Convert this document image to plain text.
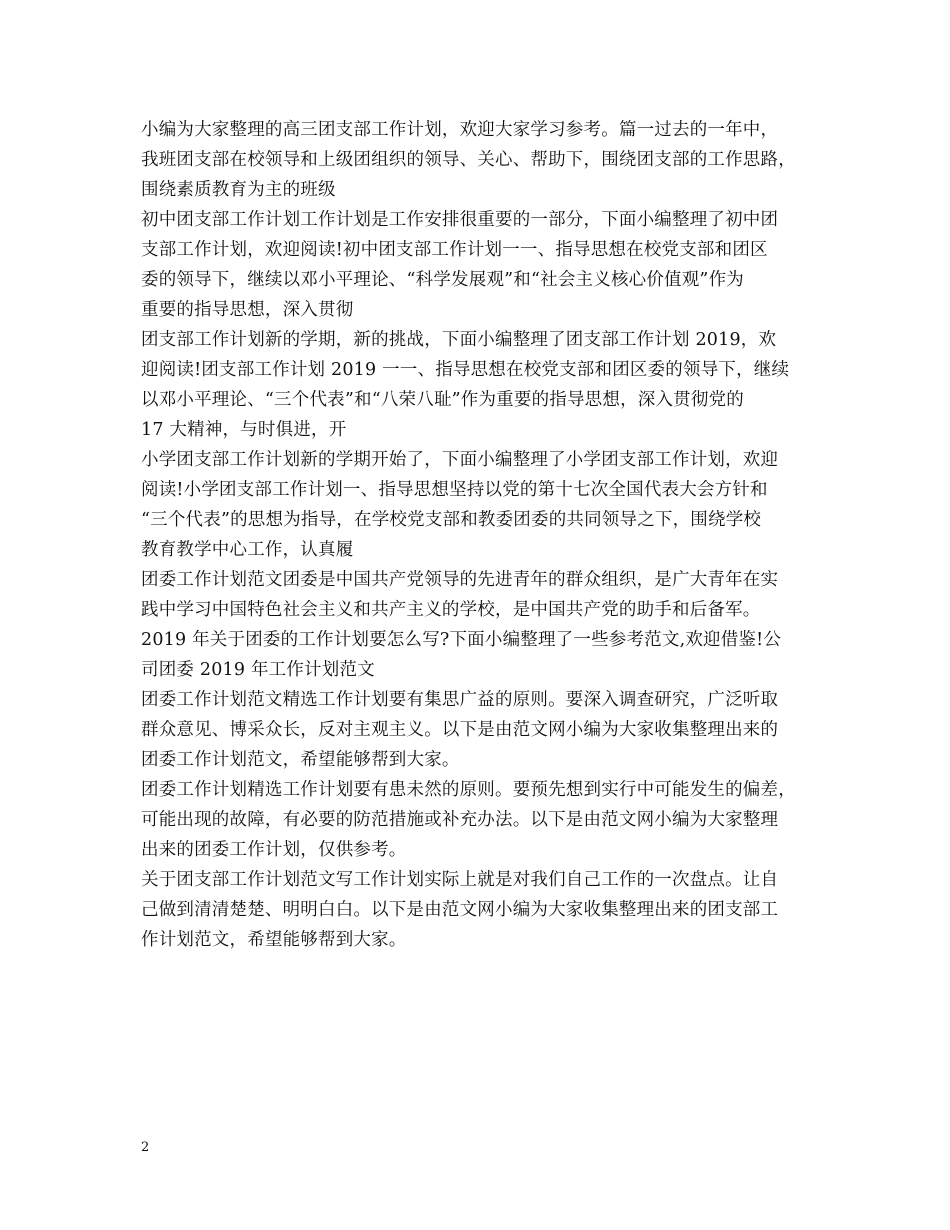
小编为大家整理的高三团支部工作计划，欢迎大家学习参考。篇一过去的一年中，
我班团支部在校领导和上级团组织的领导、关心、帮助下，围绕团支部的工作思路，
围绕素质教育为主的班级
初中团支部工作计划工作计划是工作安排很重要的一部分，下面小编整理了初中团
支部工作计划，欢迎阅读!初中团支部工作计划一一、指导思想在校党支部和团区
委的领导下，继续以邓小平理论、“科学发展观”和“社会主义核心价值观”作为
重要的指导思想，深入贯彻
团支部工作计划新的学期，新的挑战，下面小编整理了团支部工作计划 2019，欢
迎阅读!团支部工作计划 2019 一一、指导思想在校党支部和团区委的领导下，继续
以邓小平理论、“三个代表”和“八荣八耻”作为重要的指导思想，深入贯彻党的
17 大精神，与时俱进，开
小学团支部工作计划新的学期开始了，下面小编整理了小学团支部工作计划，欢迎
阅读!小学团支部工作计划一、指导思想坚持以党的第十七次全国代表大会方针和
“三个代表”的思想为指导，在学校党支部和教委团委的共同领导之下，围绕学校
教育教学中心工作，认真履
团委工作计划范文团委是中国共产党领导的先进青年的群众组织，是广大青年在实
践中学习中国特色社会主义和共产主义的学校，是中国共产党的助手和后备军。
2019 年关于团委的工作计划要怎么写?下面小编整理了一些参考范文,欢迎借鉴!公
司团委 2019 年工作计划范文
团委工作计划范文精选工作计划要有集思广益的原则。要深入调查研究，广泛听取
群众意见、博采众长，反对主观主义。以下是由范文网小编为大家收集整理出来的
团委工作计划范文，希望能够帮到大家。
团委工作计划精选工作计划要有患未然的原则。要预先想到实行中可能发生的偏差，
可能出现的故障，有必要的防范措施或补充办法。以下是由范文网小编为大家整理
出来的团委工作计划，仅供参考。
关于团支部工作计划范文写工作计划实际上就是对我们自己工作的一次盘点。让自
己做到清清楚楚、明明白白。以下是由范文网小编为大家收集整理出来的团支部工
作计划范文，希望能够帮到大家。
2
